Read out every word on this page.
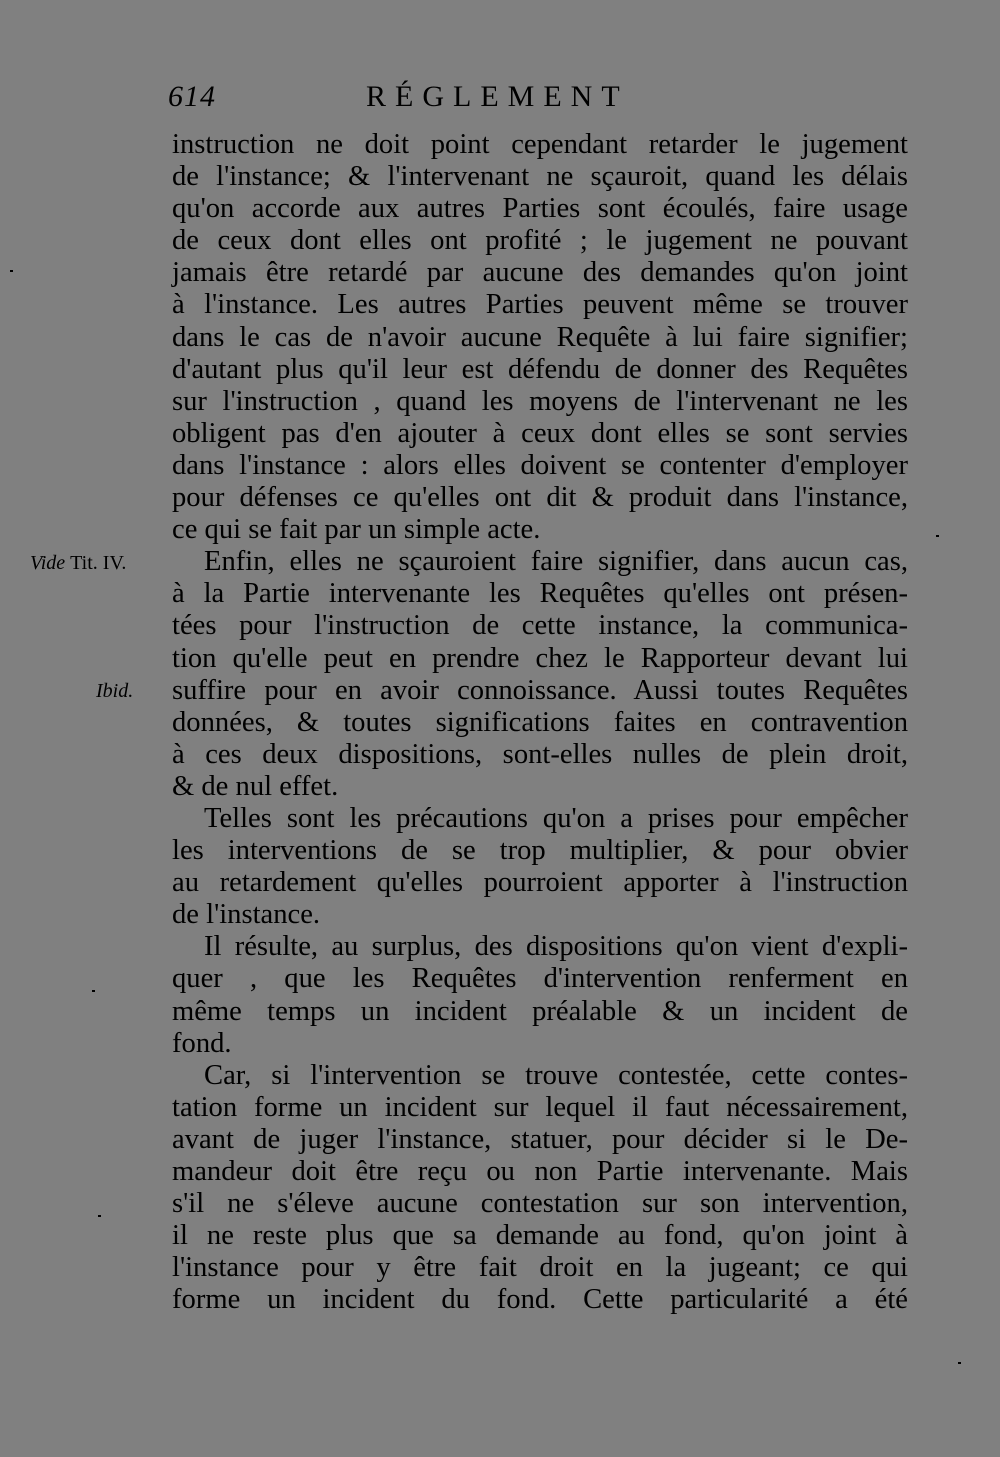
614	RÉGLEMENT
Vide Tit. IV.
Ibid.
instruction ne doit point cependant retarder le jugement
de l'instance; & l'intervenant ne sçauroit, quand les délais
qu'on accorde aux autres Parties sont écoulés, faire usage
de ceux dont elles ont profité ; le jugement ne pouvant
jamais être retardé par aucune des demandes qu'on joint
à l'instance. Les autres Parties peuvent même se trouver
dans le cas de n'avoir aucune Requête à lui faire signifier;
d'autant plus qu'il leur est défendu de donner des Requêtes
sur l'instruction , quand les moyens de l'intervenant ne les
obligent pas d'en ajouter à ceux dont elles se sont servies
dans l'instance : alors elles doivent se contenter d'employer
pour défenses ce qu'elles ont dit & produit dans l'instance,
ce qui se fait par un simple acte.
Enfin, elles ne sçauroient faire signifier, dans aucun cas,
à la Partie intervenante les Requêtes qu'elles ont présen-
tées pour l'instruction de cette instance, la communica-
tion qu'elle peut en prendre chez le Rapporteur devant lui
suffire pour en avoir connoissance. Aussi toutes Requêtes
données, & toutes significations faites en contravention
à ces deux dispositions, sont-elles nulles de plein droit,
& de nul effet.
Telles sont les précautions qu'on a prises pour empêcher
les interventions de se trop multiplier, & pour obvier
au retardement qu'elles pourroient apporter à l'instruction
de l'instance.
Il résulte, au surplus, des dispositions qu'on vient d'expli-
quer , que les Requêtes d'intervention renferment en
même temps un incident préalable & un incident de
fond.
Car, si l'intervention se trouve contestée, cette contes-
tation forme un incident sur lequel il faut nécessairement,
avant de juger l'instance, statuer, pour décider si le De-
mandeur doit être reçu ou non Partie intervenante. Mais
s'il ne s'éleve aucune contestation sur son intervention,
il ne reste plus que sa demande au fond, qu'on joint à
l'instance pour y être fait droit en la jugeant; ce qui
forme un incident du fond. Cette particularité a été
